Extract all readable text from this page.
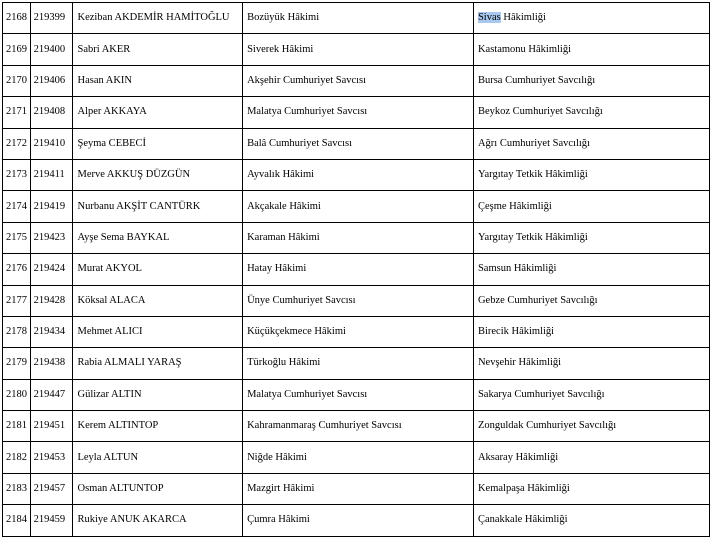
2168	219399	Keziban AKDEMİR HAMİTOĞLU	Bozüyük Hâkimi	Sivas Hâkimliği
2169	219400	Sabri AKER	Siverek Hâkimi	Kastamonu Hâkimliği
2170	219406	Hasan AKIN	Akşehir Cumhuriyet Savcısı	Bursa Cumhuriyet Savcılığı
2171	219408	Alper AKKAYA	Malatya Cumhuriyet Savcısı	Beykoz Cumhuriyet Savcılığı
2172	219410	Şeyma CEBECİ	Balâ Cumhuriyet Savcısı	Ağrı Cumhuriyet Savcılığı
2173	219411	Merve AKKUŞ DÜZGÜN	Ayvalık Hâkimi	Yargıtay Tetkik Hâkimliği
2174	219419	Nurbanu AKŞİT CANTÜRK	Akçakale Hâkimi	Çeşme Hâkimliği
2175	219423	Ayşe Sema BAYKAL	Karaman Hâkimi	Yargıtay Tetkik Hâkimliği
2176	219424	Murat AKYOL	Hatay Hâkimi	Samsun Hâkimliği
2177	219428	Köksal ALACA	Ünye Cumhuriyet Savcısı	Gebze Cumhuriyet Savcılığı
2178	219434	Mehmet ALICI	Küçükçekmece Hâkimi	Birecik Hâkimliği
2179	219438	Rabia ALMALI YARAŞ	Türkoğlu Hâkimi	Nevşehir Hâkimliği
2180	219447	Gülizar ALTIN	Malatya Cumhuriyet Savcısı	Sakarya Cumhuriyet Savcılığı
2181	219451	Kerem ALTINTOP	Kahramanmaraş Cumhuriyet Savcısı	Zonguldak Cumhuriyet Savcılığı
2182	219453	Leyla ALTUN	Niğde Hâkimi	Aksaray Hâkimliği
2183	219457	Osman ALTUNTOP	Mazgirt Hâkimi	Kemalpaşa Hâkimliği
2184	219459	Rukiye ANUK AKARCA	Çumra Hâkimi	Çanakkale Hâkimliği
